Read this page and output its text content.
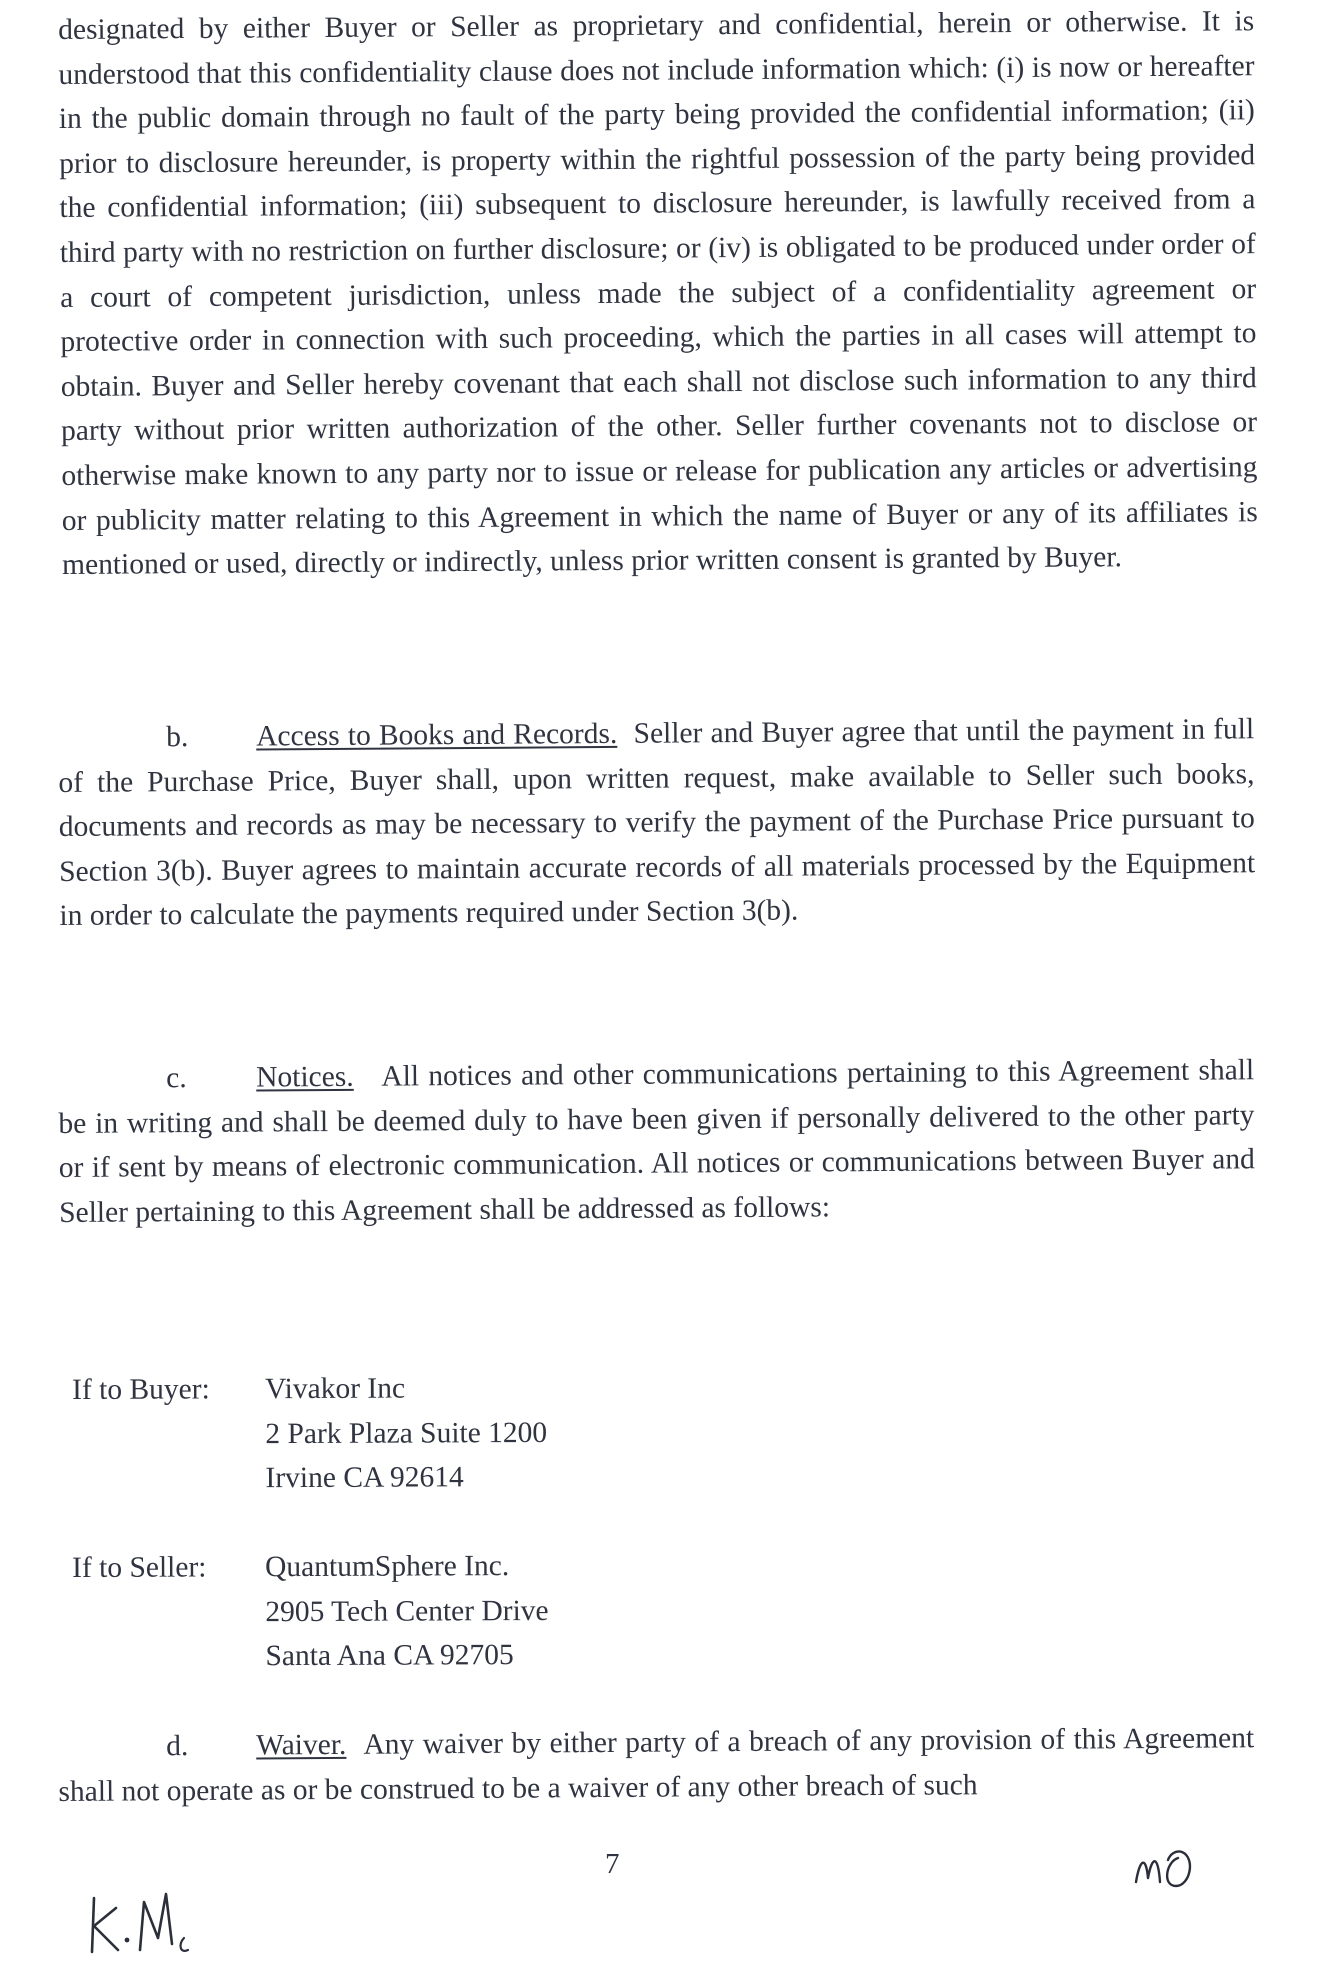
designated by either Buyer or Seller as proprietary and confidential, herein or otherwise. It is understood that this confidentiality clause does not include information which: (i) is now or hereafter in the public domain through no fault of the party being provided the confidential information; (ii) prior to disclosure hereunder, is property within the rightful possession of the party being provided the confidential information; (iii) subsequent to disclosure hereunder, is lawfully received from a third party with no restriction on further disclosure; or (iv) is obligated to be produced under order of a court of competent jurisdiction, unless made the subject of a confidentiality agreement or protective order in connection with such proceeding, which the parties in all cases will attempt to obtain. Buyer and Seller hereby covenant that each shall not disclose such information to any third party without prior written authorization of the other. Seller further covenants not to disclose or otherwise make known to any party nor to issue or release for publication any articles or advertising or publicity matter relating to this Agreement in which the name of Buyer or any of its affiliates is mentioned or used, directly or indirectly, unless prior written consent is granted by Buyer.

b. Access to Books and Records. Seller and Buyer agree that until the payment in full of the Purchase Price, Buyer shall, upon written request, make available to Seller such books, documents and records as may be necessary to verify the payment of the Purchase Price pursuant to Section 3(b). Buyer agrees to maintain accurate records of all materials processed by the Equipment in order to calculate the payments required under Section 3(b).

c. Notices. All notices and other communications pertaining to this Agreement shall be in writing and shall be deemed duly to have been given if personally delivered to the other party or if sent by means of electronic communication. All notices or communications between Buyer and Seller pertaining to this Agreement shall be addressed as follows:

If to Buyer: Vivakor Inc
2 Park Plaza Suite 1200
Irvine CA 92614
If to Seller: QuantumSphere Inc.
2905 Tech Center Drive
Santa Ana CA 92705

d. Waiver. Any waiver by either party of a breach of any provision of this Agreement shall not operate as or be construed to be a waiver of any other breach of such

7
